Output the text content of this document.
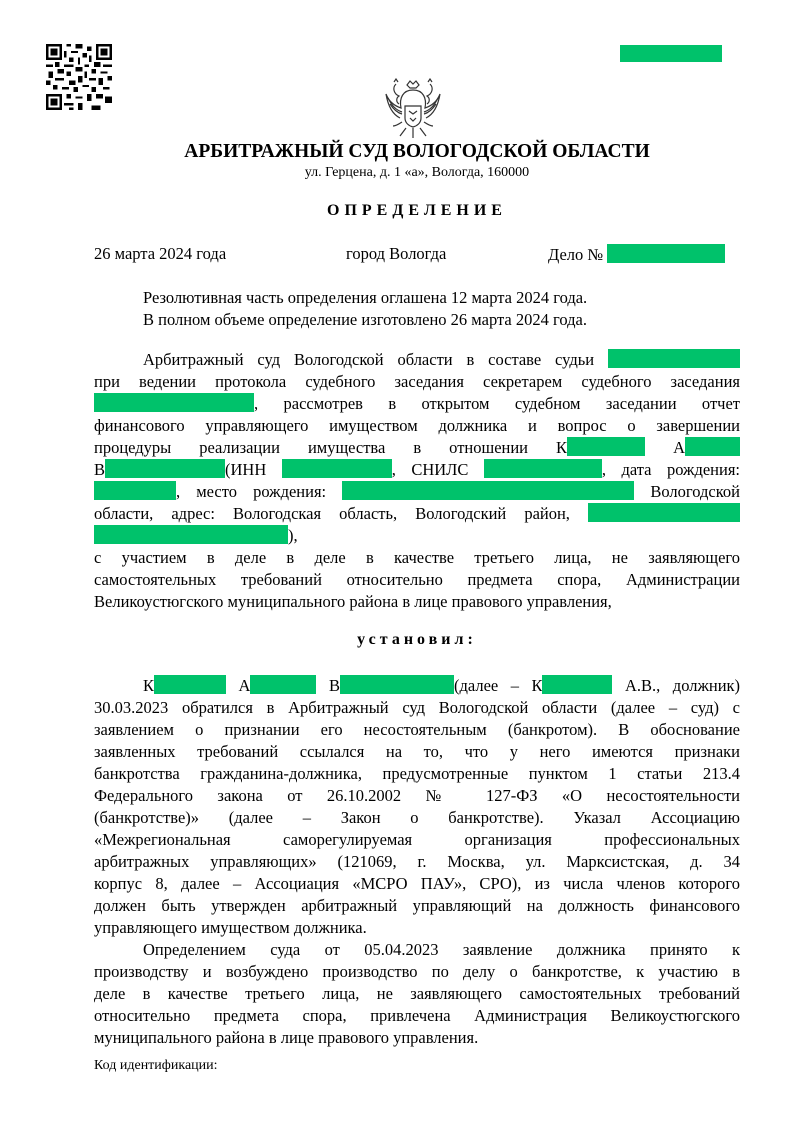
АРБИТРАЖНЫЙ СУД ВОЛОГОДСКОЙ ОБЛАСТИ
ул. Герцена, д. 1 «а», Вологда, 160000
ОПРЕДЕЛЕНИЕ
26 марта 2024 года	город Вологда	Дело №
Резолютивная часть определения оглашена 12 марта 2024 года.
В полном объеме определение изготовлено 26 марта 2024 года.
Арбитражный суд Вологодской области в составе судьи
при ведении протокола судебного заседания секретарем судебного заседания
, рассмотрев в открытом судебном заседании отчет
финансового управляющего имуществом должника и вопрос о завершении
процедуры реализации имущества в отношении К	А
В	(ИНН	, СНИЛС	, дата рождения:
, место рождения:	Вологодской
области, адрес: Вологодская область, Вологодский район,
),
с участием в деле в деле в качестве третьего лица, не заявляющего
самостоятельных требований относительно предмета спора, Администрации
Великоустюгского муниципального района в лице правового управления,
установил:
К	А	В	(далее – К	А.В., должник)
30.03.2023 обратился в Арбитражный суд Вологодской области (далее – суд) с
заявлением о признании его несостоятельным (банкротом). В обоснование
заявленных требований ссылался на то, что у него имеются признаки
банкротства гражданина-должника, предусмотренные пунктом 1 статьи 213.4
Федерального закона от 26.10.2002 № 127-ФЗ «О несостоятельности
(банкротстве)» (далее – Закон о банкротстве). Указал Ассоциацию
«Межрегиональная саморегулируемая организация профессиональных
арбитражных управляющих» (121069, г. Москва, ул. Марксистская, д. 34
корпус 8, далее – Ассоциация «МСРО ПАУ», СРО), из числа членов которого
должен быть утвержден арбитражный управляющий на должность финансового
управляющего имуществом должника.
Определением суда от 05.04.2023 заявление должника принято к
производству и возбуждено производство по делу о банкротстве, к участию в
деле в качестве третьего лица, не заявляющего самостоятельных требований
относительно предмета спора, привлечена Администрация Великоустюгского
муниципального района в лице правового управления.
Код идентификации:
